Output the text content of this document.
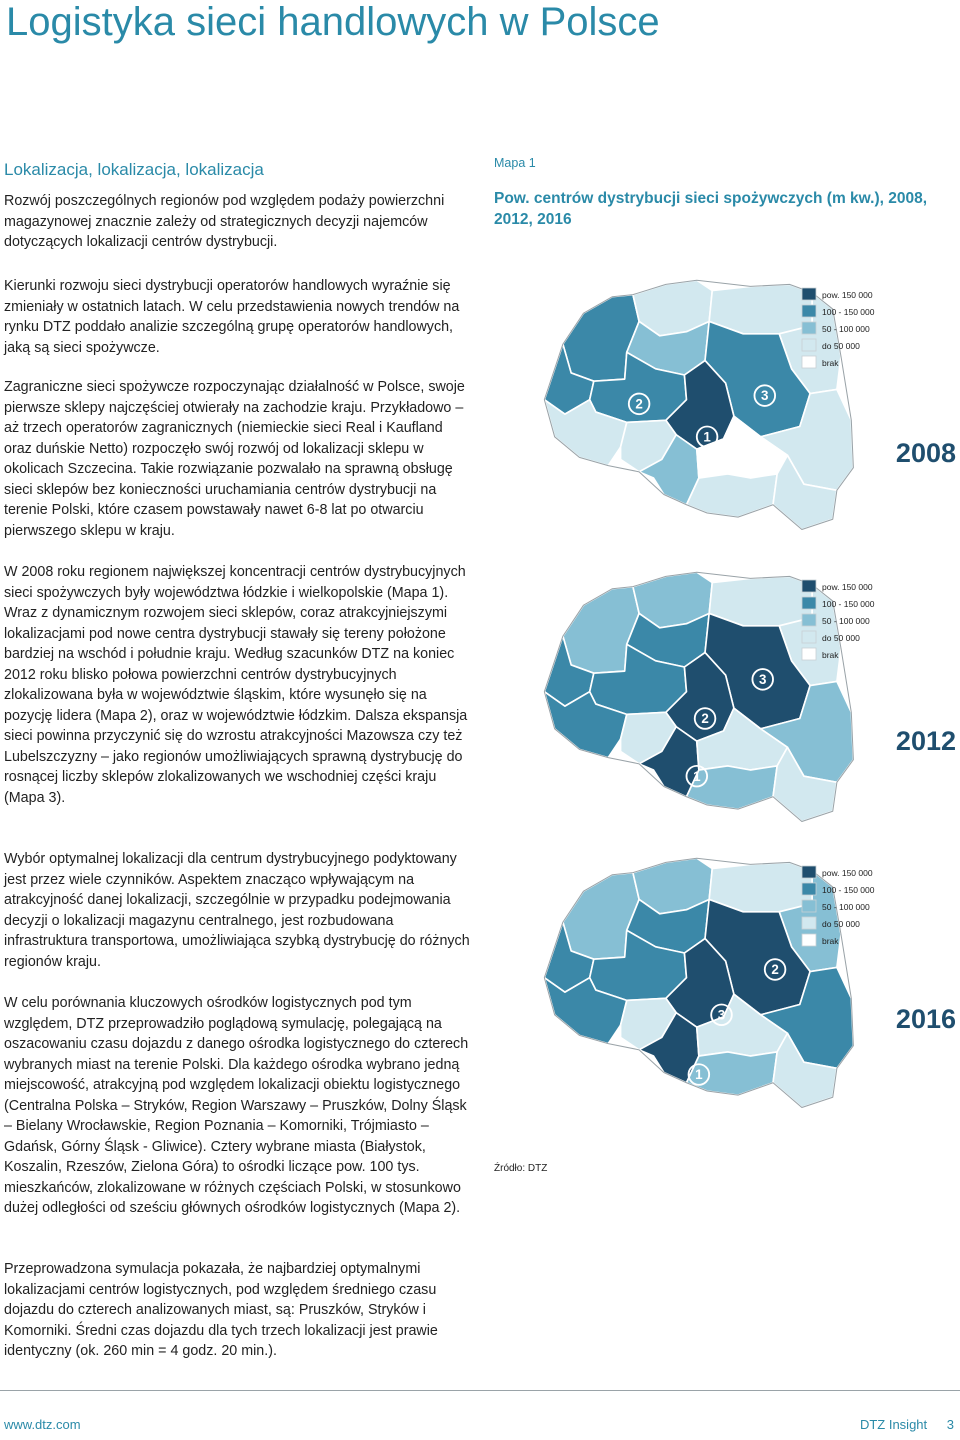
Logistyka sieci handlowych w Polsce
Lokalizacja, lokalizacja, lokalizacja

Rozwój poszczególnych regionów pod względem podaży powierzchni magazynowej znacznie zależy od strategicznych decyzji najemców dotyczących lokalizacji centrów dystrybucji.

Kierunki rozwoju sieci dystrybucji operatorów handlowych wyraźnie się zmieniały w ostatnich latach. W celu przedstawienia nowych trendów na rynku DTZ poddało analizie szczególną grupę operatorów handlowych, jaką są sieci spożywcze.

Zagraniczne sieci spożywcze rozpoczynając działalność w Polsce, swoje pierwsze sklepy najczęściej otwierały na zachodzie kraju. Przykładowo – aż trzech operatorów zagranicznych (niemieckie sieci Real i Kaufland oraz duńskie Netto) rozpoczęło swój rozwój od lokalizacji sklepu w okolicach Szczecina. Takie rozwiązanie pozwalało na sprawną obsługę sieci sklepów bez konieczności uruchamiania centrów dystrybucji na terenie Polski, które czasem powstawały nawet 6-8 lat po otwarciu pierwszego sklepu w kraju.

W 2008 roku regionem największej koncentracji centrów dystrybucyjnych sieci spożywczych były województwa łódzkie i wielkopolskie (Mapa 1). Wraz z dynamicznym rozwojem sieci sklepów, coraz atrakcyjniejszymi lokalizacjami pod nowe centra dystrybucji stawały się tereny położone bardziej na wschód i południe kraju. Według szacunków DTZ na koniec 2012 roku blisko połowa powierzchni centrów dystrybucyjnych zlokalizowana była w województwie śląskim, które wysunęło się na pozycję lidera (Mapa 2), oraz w województwie łódzkim. Dalsza ekspansja sieci powinna przyczynić się do wzrostu atrakcyjności Mazowsza czy też Lubelszczyzny – jako regionów umożliwiających sprawną dystrybucję do rosnącej liczby sklepów zlokalizowanych we wschodniej części kraju (Mapa 3).

Wybór optymalnej lokalizacji dla centrum dystrybucyjnego podyktowany jest przez wiele czynników. Aspektem znacząco wpływającym na atrakcyjność danej lokalizacji, szczególnie w przypadku podejmowania decyzji o lokalizacji magazynu centralnego, jest rozbudowana infrastruktura transportowa, umożliwiająca szybką dystrybucję do różnych regionów kraju.

W celu porównania kluczowych ośrodków logistycznych pod tym względem, DTZ przeprowadziło poglądową symulację, polegającą na oszacowaniu czasu dojazdu z danego ośrodka logistycznego do czterech wybranych miast na terenie Polski. Dla każdego ośrodka wybrano jedną miejscowość, atrakcyjną pod względem lokalizacji obiektu logistycznego (Centralna Polska – Stryków, Region Warszawy – Pruszków, Dolny Śląsk – Bielany Wrocławskie, Region Poznania – Komorniki, Trójmiasto – Gdańsk, Górny Śląsk - Gliwice). Cztery wybrane miasta (Białystok, Koszalin, Rzeszów, Zielona Góra) to ośrodki liczące pow. 100 tys. mieszkańców, zlokalizowane w różnych częściach Polski, w stosunkowo dużej odległości od sześciu głównych ośrodków logistycznych (Mapa 2).

Przeprowadzona symulacja pokazała, że najbardziej optymalnymi lokalizacjami centrów logistycznych, pod względem średniego czasu dojazdu do czterech analizowanych miast, są: Pruszków, Stryków i Komorniki. Średni czas dojazdu dla tych trzech lokalizacji jest prawie identyczny (ok. 260 min = 4 godz. 20 min.).

Mapa 1
Pow. centrów dystrybucji sieci spożywczych (m kw.), 2008, 2012, 2016
1
2
3
pow. 150 000
100 - 150 000
50 - 100 000
do 50 000
brak
2008
1
2
3
pow. 150 000
100 - 150 000
50 - 100 000
do 50 000
brak
2012
1
2
3
pow. 150 000
100 - 150 000
50 - 100 000
do 50 000
brak
2016
Źródło: DTZ
www.dtz.com	DTZ Insight 3
